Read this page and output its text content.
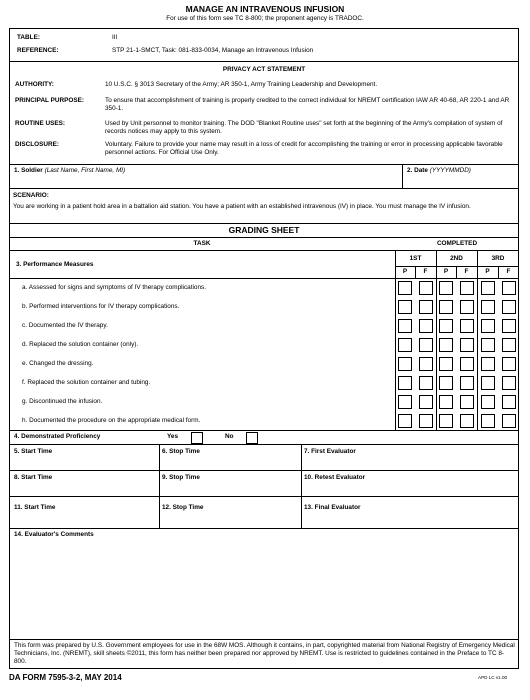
MANAGE AN INTRAVENOUS INFUSION
For use of this form see TC 8-800; the proponent agency is TRADOC.
TABLE:	III
REFERENCE:	STP 21-1-SMCT, Task: 081-833-0034, Manage an Intravenous Infusion
PRIVACY ACT STATEMENT
AUTHORITY:	10 U.S.C. § 3013 Secretary of the Army; AR 350-1, Army Training Leadership and Development.
PRINCIPAL PURPOSE:	To ensure that accomplishment of training is properly credited to the correct individual for NREMT certification IAW AR 40-68, AR 220-1 and AR 350-1.
ROUTINE USES:	Used by Unit personnel to monitor training. The DOD "Blanket Routine uses" set forth at the beginning of the Army's compilation of system of records notices may apply to this system.
DISCLOSURE:	Voluntary. Failure to provide your name may result in a loss of credit for accomplishing the training or error in processing applicable favorable personnel actions. For Official Use Only.
1. Soldier (Last Name, First Name, MI)	2. Date (YYYYMMDD)
SCENARIO:
You are working in a patient hold area in a battalion aid station. You have a patient with an established intravenous (IV) in place. You must manage the IV infusion.
GRADING SHEET
TASK	COMPLETED
3. Performance Measures
1ST	2ND	3RD
P	F	P	F	P	F
a. Assessed for signs and symptoms of IV therapy complications.
b. Performed interventions for IV therapy complications.
c. Documented the IV therapy.
d. Replaced the solution container (only).
e. Changed the dressing.
f. Replaced the solution container and tubing.
g. Discontinued the infusion.
h. Documented the procedure on the appropriate medical form.
4. Demonstrated Proficiency	Yes	No
5. Start Time	6. Stop Time	7. First Evaluator
8. Start Time	9. Stop Time	10. Retest Evaluator
11. Start Time	12. Stop Time	13. Final Evaluator
14. Evaluator's Comments
This form was prepared by U.S. Government employees for use in the 68W MOS. Although it contains, in part, copyrighted material from National Registry of Emergency Medical Technicians, Inc. (NREMT), skill sheets ©2011, this form has neither been prepared nor approved by NREMT. Use is restricted to guidelines contained in the Preface to TC 8-800.
DA FORM 7595-3-2, MAY 2014	APD LC v1.00
